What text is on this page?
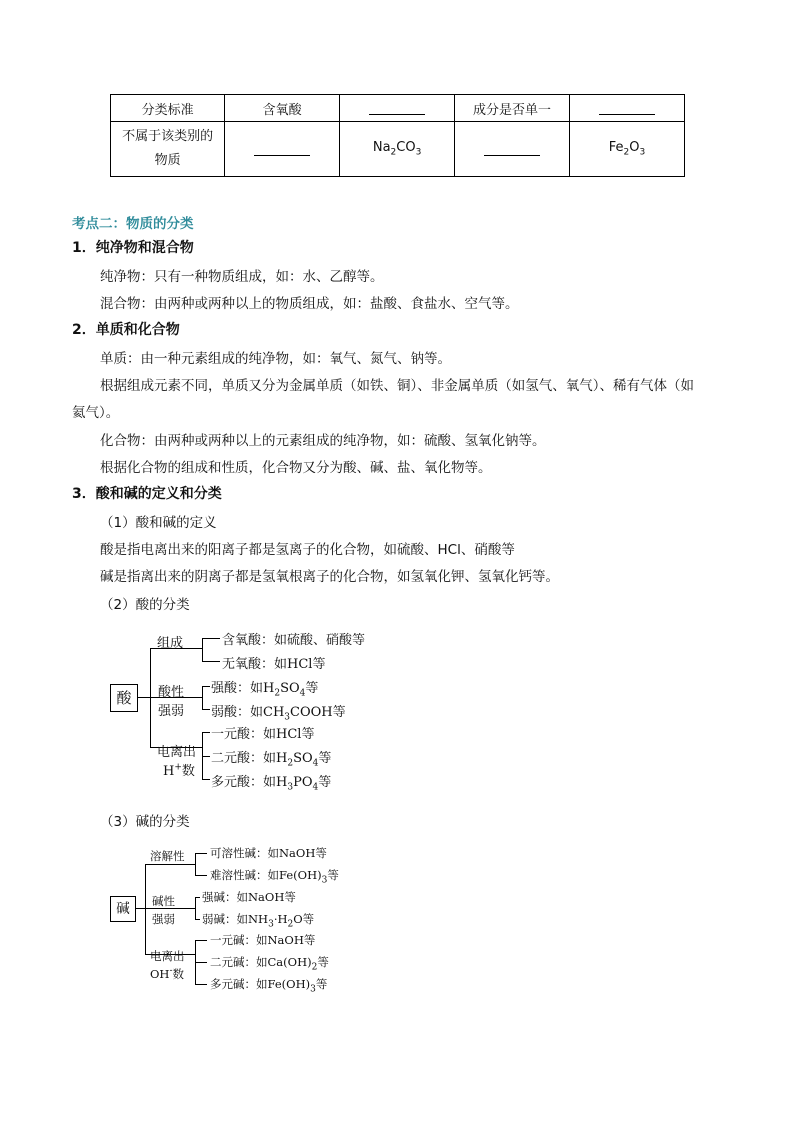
分类标准	含氧酸		成分是否单一	

不属于该类别的
物质		$Na_2CO_3$		$Fe_2O_3$
考点二：物质的分类
1．纯净物和混合物
纯净物：只有一种物质组成，如：水、乙醇等。
混合物：由两种或两种以上的物质组成，如：盐酸、食盐水、空气等。
2．单质和化合物
单质：由一种元素组成的纯净物，如：氧气、氮气、钠等。
根据组成元素不同，单质又分为金属单质（如铁、铜）、非金属单质（如氢气、氧气）、稀有气体（如
氦气）。
化合物：由两种或两种以上的元素组成的纯净物，如：硫酸、氢氧化钠等。
根据化合物的组成和性质，化合物又分为酸、碱、盐、氧化物等。
3．酸和碱的定义和分类
（1）酸和碱的定义
酸是指电离出来的阳离子都是氢离子的化合物，如硫酸、HCl、硝酸等
碱是指离出来的阴离子都是氢氧根离子的化合物，如氢氧化钾、氢氧化钙等。
（2）酸的分类
（3）碱的分类
酸
组成
酸性
强弱
电离出
H+数
含氧酸：如硫酸、硝酸等
无氧酸：如HCl等
强酸：如$H_2SO_4$等
弱酸：如$CH_3COOH$等
一元酸：如HCl等
二元酸：如$H_2SO_4$等
多元酸：如$H_3PO_4$等
碱
溶解性
碱性
强弱
电离出
OH-数
可溶性碱：如NaOH等
难溶性碱：如$Fe(OH)_3$等
强碱：如NaOH等
弱碱：如$NH_3\cdot H_2O$等
一元碱：如NaOH等
二元碱：如$Ca(OH)_2$等
多元碱：如$Fe(OH)_3$等
